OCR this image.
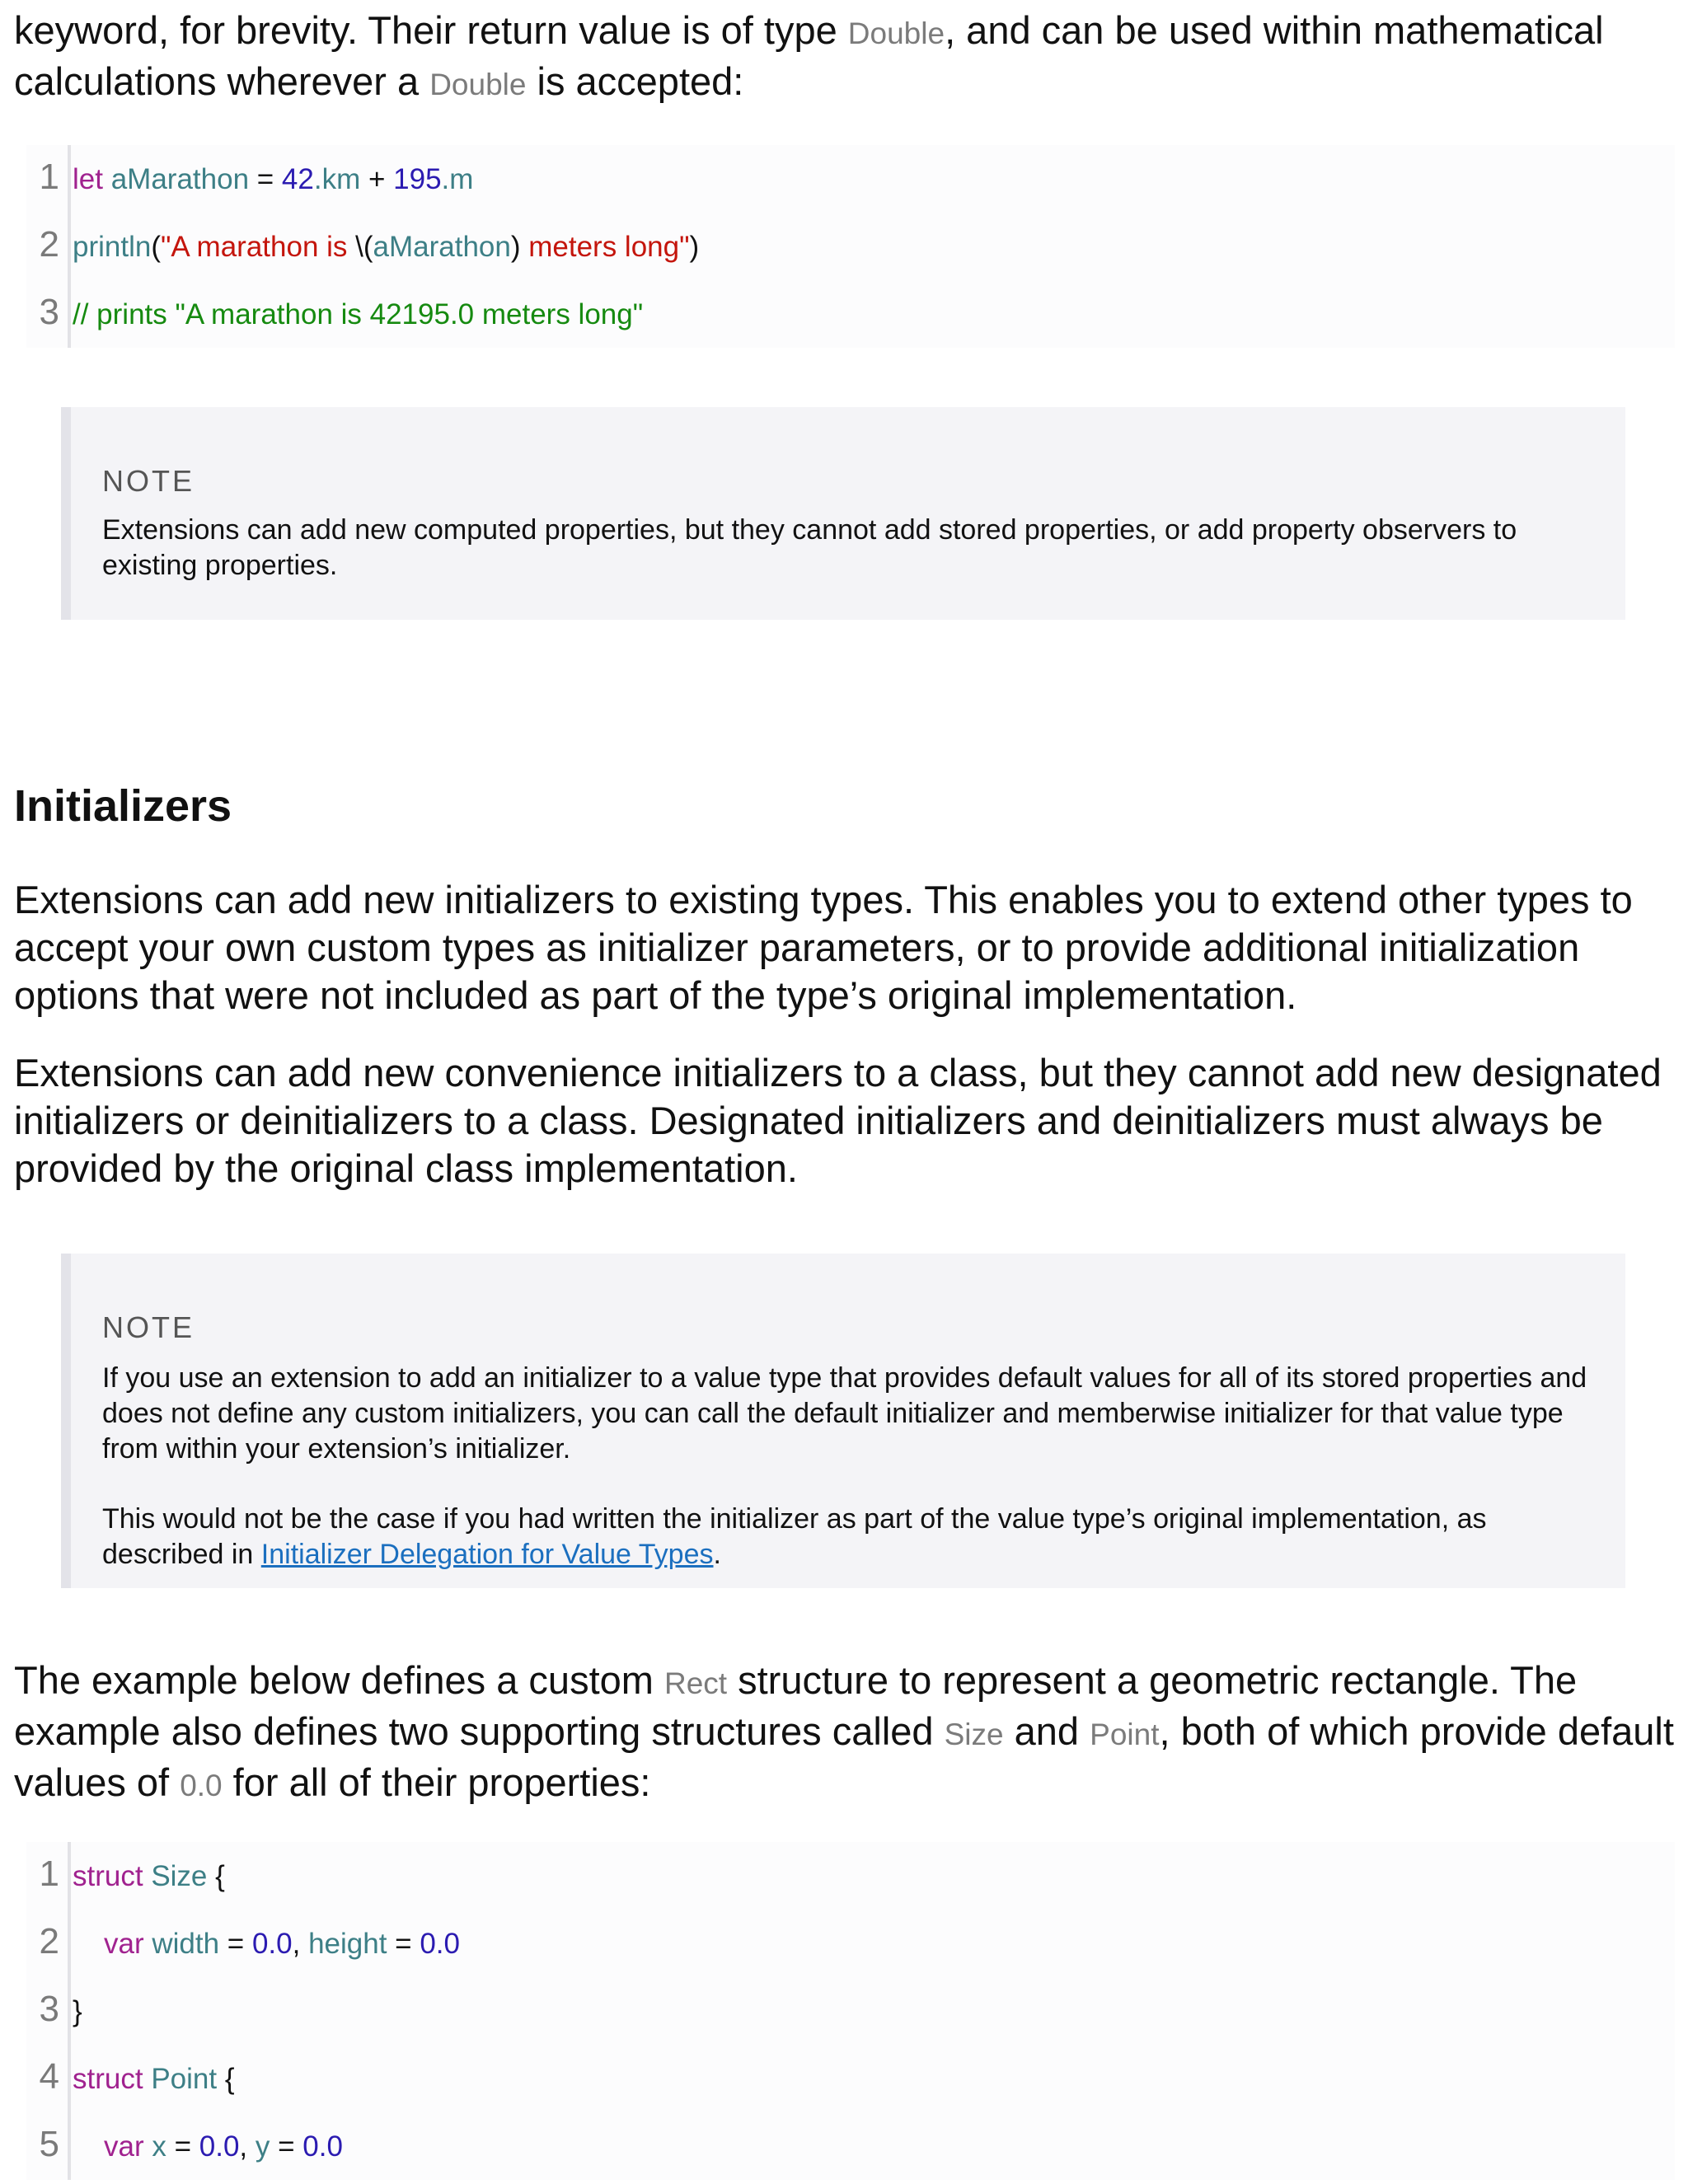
keyword, for brevity. Their return value is of type Double, and can be used within mathematical calculations wherever a Double is accepted:

1 let aMarathon = 42.km + 195.m
2 println("A marathon is \(aMarathon) meters long")
3 // prints "A marathon is 42195.0 meters long"

NOTE

Extensions can add new computed properties, but they cannot add stored properties, or add property observers to existing properties.

Initializers

Extensions can add new initializers to existing types. This enables you to extend other types to accept your own custom types as initializer parameters, or to provide additional initialization options that were not included as part of the type’s original implementation.

Extensions can add new convenience initializers to a class, but they cannot add new designated initializers or deinitializers to a class. Designated initializers and deinitializers must always be provided by the original class implementation.

NOTE

If you use an extension to add an initializer to a value type that provides default values for all of its stored properties and does not define any custom initializers, you can call the default initializer and memberwise initializer for that value type from within your extension’s initializer.

This would not be the case if you had written the initializer as part of the value type’s original implementation, as described in Initializer Delegation for Value Types.

The example below defines a custom Rect structure to represent a geometric rectangle. The example also defines two supporting structures called Size and Point, both of which provide default values of 0.0 for all of their properties:

1 struct Size {
2 var width = 0.0, height = 0.0
3 }
4 struct Point {
5 var x = 0.0, y = 0.0
